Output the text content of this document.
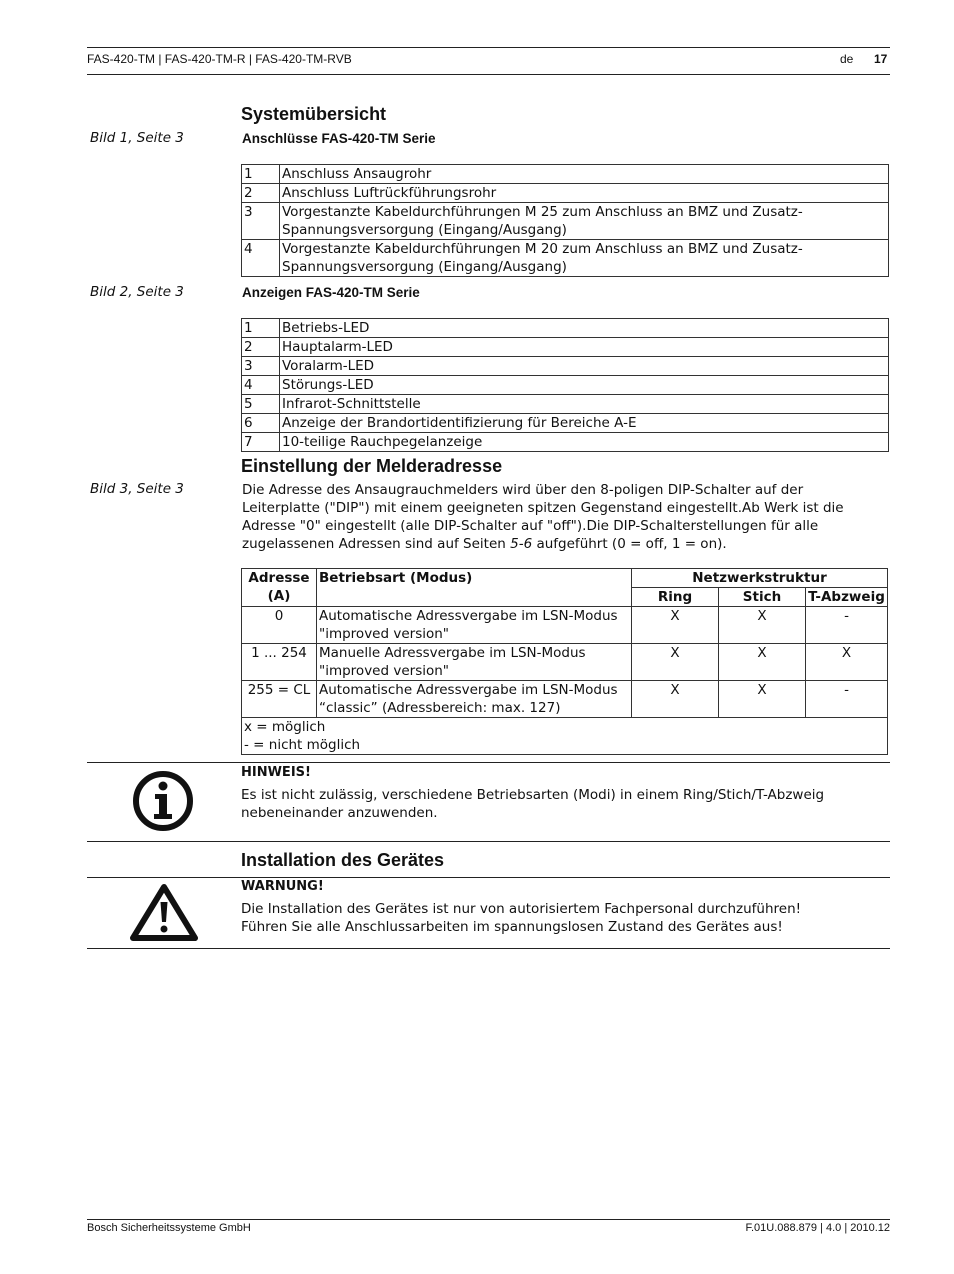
FAS-420-TM | FAS-420-TM-R | FAS-420-TM-RVB	de 17
Systemübersicht
Bild 1, Seite 3	Anschlüsse FAS-420-TM Serie
1	Anschluss Ansaugrohr
2	Anschluss Luftrückführungsrohr
3	Vorgestanzte Kabeldurchführungen M 25 zum Anschluss an BMZ und Zusatz-Spannungsversorgung (Eingang/Ausgang)
4	Vorgestanzte Kabeldurchführungen M 20 zum Anschluss an BMZ und Zusatz-Spannungsversorgung (Eingang/Ausgang)
Bild 2, Seite 3	Anzeigen FAS-420-TM Serie
1	Betriebs-LED
2	Hauptalarm-LED
3	Voralarm-LED
4	Störungs-LED
5	Infrarot-Schnittstelle
6	Anzeige der Brandortidentifizierung für Bereiche A-E
7	10-teilige Rauchpegelanzeige
Einstellung der Melderadresse
Bild 3, Seite 3	Die Adresse des Ansaugrauchmelders wird über den 8-poligen DIP-Schalter auf der Leiterplatte ("DIP") mit einem geeigneten spitzen Gegenstand eingestellt.Ab Werk ist die Adresse "0" eingestellt (alle DIP-Schalter auf "off").Die DIP-Schalterstellungen für alle zugelassenen Adressen sind auf Seiten 5-6 aufgeführt (0 = off, 1 = on).
Adresse (A)	Betriebsart (Modus)	Netzwerkstruktur		
		Ring	Stich	T-Abzweig
0	Automatische Adressvergabe im LSN-Modus "improved version"	X	X	-
1 ... 254	Manuelle Adressvergabe im LSN-Modus "improved version"	X	X	X
255 = CL	Automatische Adressvergabe im LSN-Modus “classic” (Adressbereich: max. 127)	X	X	-

x = möglich
- = nicht möglich				
HINWEIS!
Es ist nicht zulässig, verschiedene Betriebsarten (Modi) in einem Ring/Stich/T-Abzweig nebeneinander anzuwenden.
Installation des Gerätes
WARNUNG!
Die Installation des Gerätes ist nur von autorisiertem Fachpersonal durchzuführen!
Führen Sie alle Anschlussarbeiten im spannungslosen Zustand des Gerätes aus!
Bosch Sicherheitssysteme GmbH	F.01U.088.879 | 4.0 | 2010.12
